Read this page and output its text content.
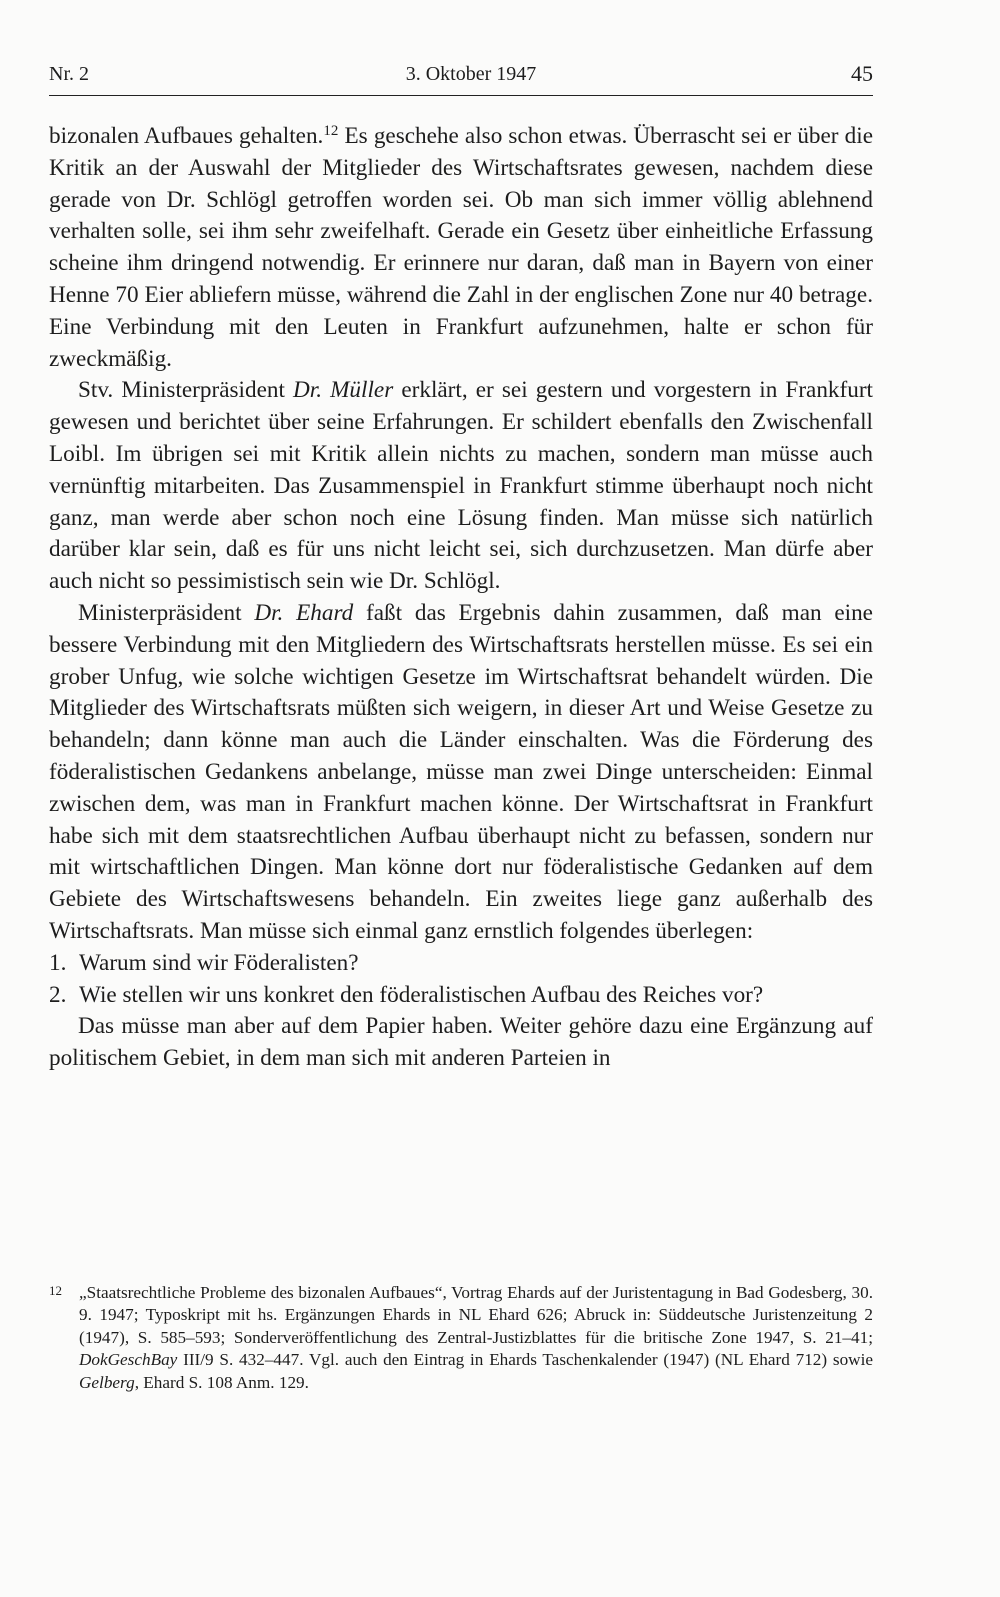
Nr. 2	3. Oktober 1947	45

bizonalen Aufbaues gehalten.$^{12}$ Es geschehe also schon etwas. Überrascht sei er über die Kritik an der Auswahl der Mitglieder des Wirtschaftsrates gewesen, nachdem diese gerade von Dr. Schlögl getroffen worden sei. Ob man sich immer völlig ablehnend verhalten solle, sei ihm sehr zweifelhaft. Gerade ein Gesetz über einheitliche Erfassung scheine ihm dringend notwendig. Er erinnere nur daran, daß man in Bayern von einer Henne 70 Eier abliefern müsse, während die Zahl in der englischen Zone nur 40 betrage. Eine Verbindung mit den Leuten in Frankfurt aufzunehmen, halte er schon für zweckmäßig.

Stv. Ministerpräsident Dr. Müller erklärt, er sei gestern und vorgestern in Frankfurt gewesen und berichtet über seine Erfahrungen. Er schildert ebenfalls den Zwischenfall Loibl. Im übrigen sei mit Kritik allein nichts zu machen, sondern man müsse auch vernünftig mitarbeiten. Das Zusammenspiel in Frankfurt stimme überhaupt noch nicht ganz, man werde aber schon noch eine Lösung finden. Man müsse sich natürlich darüber klar sein, daß es für uns nicht leicht sei, sich durchzusetzen. Man dürfe aber auch nicht so pessimistisch sein wie Dr. Schlögl.

Ministerpräsident Dr. Ehard faßt das Ergebnis dahin zusammen, daß man eine bessere Verbindung mit den Mitgliedern des Wirtschaftsrats herstellen müsse. Es sei ein grober Unfug, wie solche wichtigen Gesetze im Wirtschaftsrat behandelt würden. Die Mitglieder des Wirtschaftsrats müßten sich weigern, in dieser Art und Weise Gesetze zu behandeln; dann könne man auch die Länder einschalten. Was die Förderung des föderalistischen Gedankens anbelange, müsse man zwei Dinge unterscheiden: Einmal zwischen dem, was man in Frankfurt machen könne. Der Wirtschaftsrat in Frankfurt habe sich mit dem staatsrechtlichen Aufbau überhaupt nicht zu befassen, sondern nur mit wirtschaftlichen Dingen. Man könne dort nur föderalistische Gedanken auf dem Gebiete des Wirtschaftswesens behandeln. Ein zweites liege ganz außerhalb des Wirtschaftsrats. Man müsse sich einmal ganz ernstlich folgendes überlegen:

1. Warum sind wir Föderalisten?
2. Wie stellen wir uns konkret den föderalistischen Aufbau des Reiches vor?

Das müsse man aber auf dem Papier haben. Weiter gehöre dazu eine Ergänzung auf politischem Gebiet, in dem man sich mit anderen Parteien in

12 „Staatsrechtliche Probleme des bizonalen Aufbaues“, Vortrag Ehards auf der Juristentagung in Bad Godesberg, 30. 9. 1947; Typoskript mit hs. Ergänzungen Ehards in NL Ehard 626; Abruck in: Süddeutsche Juristenzeitung 2 (1947), S. 585–593; Sonderveröffentlichung des Zentral-Justizblattes für die britische Zone 1947, S. 21–41; DokGeschBay III/9 S. 432–447. Vgl. auch den Eintrag in Ehards Taschenkalender (1947) (NL Ehard 712) sowie Gelberg, Ehard S. 108 Anm. 129.
